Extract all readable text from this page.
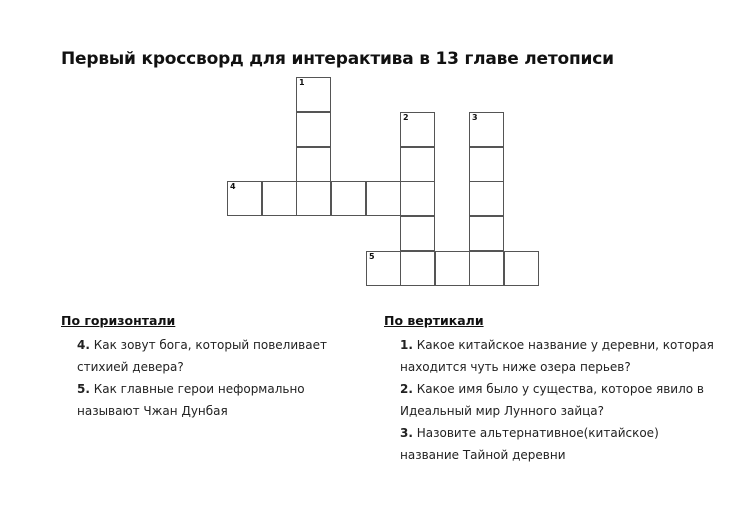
Первый кроссворд для интерактива в 13 главе летописи
1
2	3
4
5
По горизонтали
4. Как зовут бога, который повеливает стихией девера?
5. Как главные герои неформально называют Чжан Дунбая
По вертикали
1. Какое китайское название у деревни, которая находится чуть ниже озера перьев?
2. Какое имя было у существа, которое явило в Идеальный мир Лунного зайца?
3. Назовите альтернативное(китайское) название Тайной деревни
